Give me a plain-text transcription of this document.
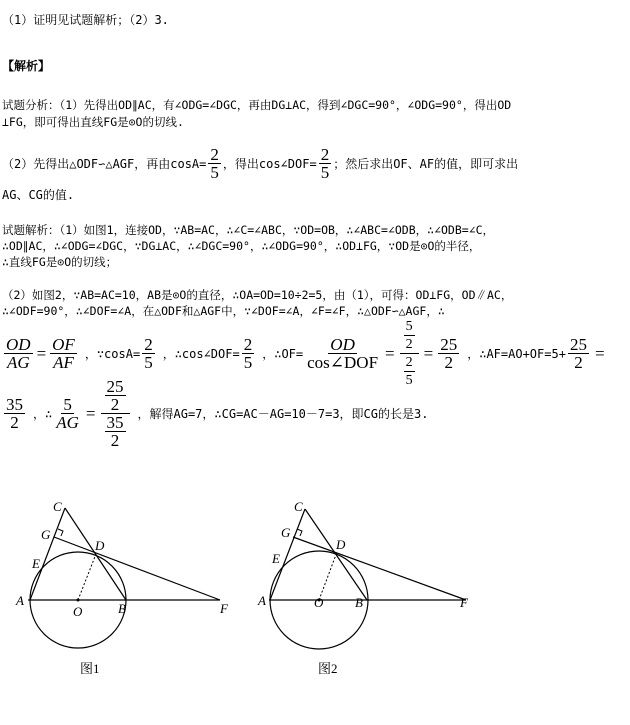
（1）证明见试题解析；（2）3.
【解析】
试题分析：（1）先得出OD∥AC，有∠ODG=∠DGC，再由DG⊥AC，得到∠DGC=90°，∠ODG=90°，得出OD
⊥FG，即可得出直线FG是⊙O的切线.
（2）先得出△ODF∽△AGF，再由$\cos A= \frac{2}{5}$ ，得出cos∠DOF= $\frac{2}{5}$ ；然后求出OF、AF的值，即可求出
AG、CG的值.
试题解析：（1）如图1，连接OD，∵AB=AC，∴∠C=∠ABC，∵OD=OB，∴∠ABC=∠ODB，∴∠ODB=∠C，
∴OD∥AC，∴∠ODG=∠DGC，∵DG⊥AC，∴∠DGC=90°，∴∠ODG=90°，∴OD⊥FG，∵OD是⊙O的半径，
∴直线FG是⊙O的切线；
（2）如图2，∵AB=AC=10，AB是⊙O的直径，∴OA=OD=10÷2=5，由（1），可得：OD⊥FG，OD∥AC，
∴∠ODF=90°，∴∠DOF=∠A，在△ODF和△AGF中，∵∠DOF=∠A，∠F=∠F，∴△ODF∽△AGF，∴
$\frac{OD}{AG} = \frac{OF}{AF}$ ，∵cosA= $\frac{2}{5}$ ，∴cos∠DOF= $\frac{2}{5}$ ，∴OF= $\frac{OD}{\text{cos∠DOF}} = \frac{\frac{5}{2}}{\frac{2}{5}} = \frac{25}{2}$ ，∴AF=AO+OF=5+ $\frac{25}{2}$ =
$\frac{35}{2}$ ，∴ $\frac{5}{AG} = \frac{\frac{25}{2}}{\frac{35}{2}}$ ，解得AG=7，∴CG=AC－AG=10－7=3，即CG的长是3.
C
G
D
E
A
O	B	F
图1
C
G
D
E
A	O B	F
图2
